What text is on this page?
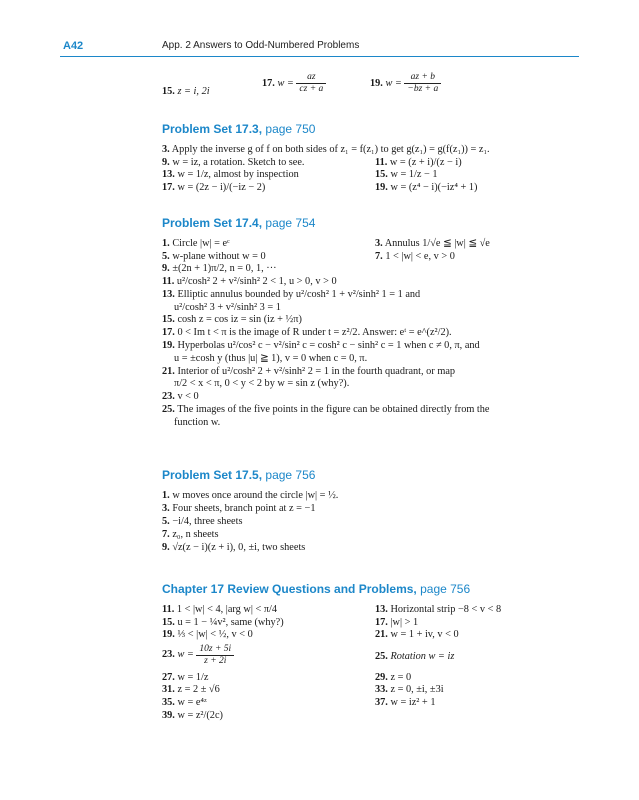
A42	App. 2 Answers to Odd-Numbered Problems
15. z = i, 2i
17. $w = \frac{az}{cz + a}$	19. $w = \frac{az + b}{-bz + a}$
Problem Set 17.3, page 750
3. Apply the inverse g of f on both sides of z₁ = f(z₁) to get g(z₁) = g(f(z₁)) = z₁.
9. w = iz, a rotation. Sketch to see.	11. w = (z + i)/(z − i)
13. w = 1/z, almost by inspection	15. w = 1/z − 1
17. w = (2z − i)/(−iz − 2)	19. w = (z⁴ − i)(−iz⁴ + 1)
Problem Set 17.4, page 754
1. Circle |w| = eᶜ	3. Annulus 1/√e ≦ |w| ≦ √e
5. w-plane without w = 0	7. 1 < |w| < e, v > 0
9. ±(2n + 1)π/2, n = 0, 1, ···
11. u²/cosh² 2 + v²/sinh² 2 < 1, u > 0, v > 0
13. Elliptic annulus bounded by u²/cosh² 1 + v²/sinh² 1 = 1 and
u²/cosh² 3 + v²/sinh² 3 = 1
15. cosh z = cos iz = sin (iz + ½π)
17. 0 < Im t < π is the image of R under t = z²/2. Answer: eᵗ = e^(z²/2).
19. Hyperbolas u²/cos² c − v²/sin² c = cosh² c − sinh² c = 1 when c ≠ 0, π, and
u = ±cosh y (thus |u| ≧ 1), v = 0 when c = 0, π.
21. Interior of u²/cosh² 2 + v²/sinh² 2 = 1 in the fourth quadrant, or map
π/2 < x < π, 0 < y < 2 by w = sin z (why?).
23. v < 0
25. The images of the five points in the figure can be obtained directly from the
function w.
Problem Set 17.5, page 756
1. w moves once around the circle |w| = ½.
3. Four sheets, branch point at z = −1
5. −i/4, three sheets
7. z₀, n sheets
9. √z(z − i)(z + i), 0, ±i, two sheets
Chapter 17 Review Questions and Problems, page 756
11. 1 < |w| < 4, |arg w| < π/4	13. Horizontal strip −8 < v < 8
15. u = 1 − ¼v², same (why?)	17. |w| > 1
19. ⅓ < |w| < ½, v < 0	21. w = 1 + iv, v < 0
23. $w = \frac{10z + 5i}{z + 2i}$	25. Rotation w = iz
27. w = 1/z	29. z = 0
31. z = 2 ± √6	33. z = 0, ±i, ±3i
35. w = e⁴ᶻ	37. w = iz² + 1
39. w = z²/(2c)
